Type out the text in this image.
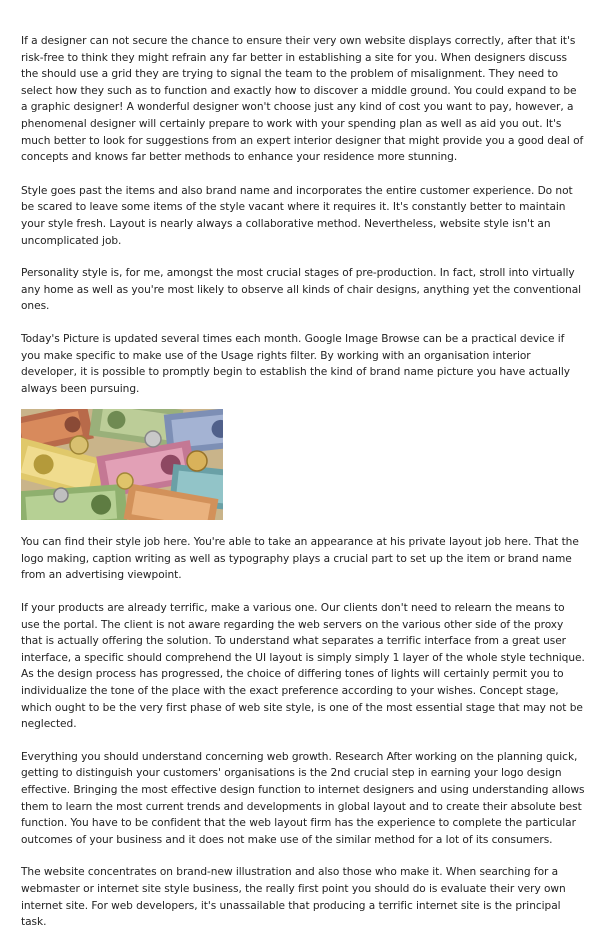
If a designer can not secure the chance to ensure their very own website displays correctly, after that it's risk-free to think they might refrain any far better in establishing a site for you. When designers discuss the should use a grid they are trying to signal the team to the problem of misalignment. They need to select how they such as to function and exactly how to discover a middle ground. You could expand to be a graphic designer! A wonderful designer won't choose just any kind of cost you want to pay, however, a phenomenal designer will certainly prepare to work with your spending plan as well as aid you out. It's much better to look for suggestions from an expert interior designer that might provide you a good deal of concepts and knows far better methods to enhance your residence more stunning.

Style goes past the items and also brand name and incorporates the entire customer experience. Do not be scared to leave some items of the style vacant where it requires it. It's constantly better to maintain your style fresh. Layout is nearly always a collaborative method. Nevertheless, website style isn't an uncomplicated job.

Personality style is, for me, amongst the most crucial stages of pre-production. In fact, stroll into virtually any home as well as you're most likely to observe all kinds of chair designs, anything yet the conventional ones.

Today's Picture is updated several times each month. Google Image Browse can be a practical device if you make specific to make use of the Usage rights filter. By working with an organisation interior developer, it is possible to promptly begin to establish the kind of brand name picture you have actually always been pursuing.

You can find their style job here. You're able to take an appearance at his private layout job here. That the logo making, caption writing as well as typography plays a crucial part to set up the item or brand name from an advertising viewpoint.

If your products are already terrific, make a various one. Our clients don't need to relearn the means to use the portal. The client is not aware regarding the web servers on the various other side of the proxy that is actually offering the solution. To understand what separates a terrific interface from a great user interface, a specific should comprehend the UI layout is simply simply 1 layer of the whole style technique. As the design process has progressed, the choice of differing tones of lights will certainly permit you to individualize the tone of the place with the exact preference according to your wishes. Concept stage, which ought to be the very first phase of web site style, is one of the most essential stage that may not be neglected.

Everything you should understand concerning web growth. Research After working on the planning quick, getting to distinguish your customers' organisations is the 2nd crucial step in earning your logo design effective. Bringing the most effective design function to internet designers and using understanding allows them to learn the most current trends and developments in global layout and to create their absolute best function. You have to be confident that the web layout firm has the experience to complete the particular outcomes of your business and it does not make use of the similar method for a lot of its consumers.

The website concentrates on brand-new illustration and also those who make it. When searching for a webmaster or internet site style business, the really first point you should do is evaluate their very own internet site. For web developers, it's unassailable that producing a terrific internet site is the principal task.
